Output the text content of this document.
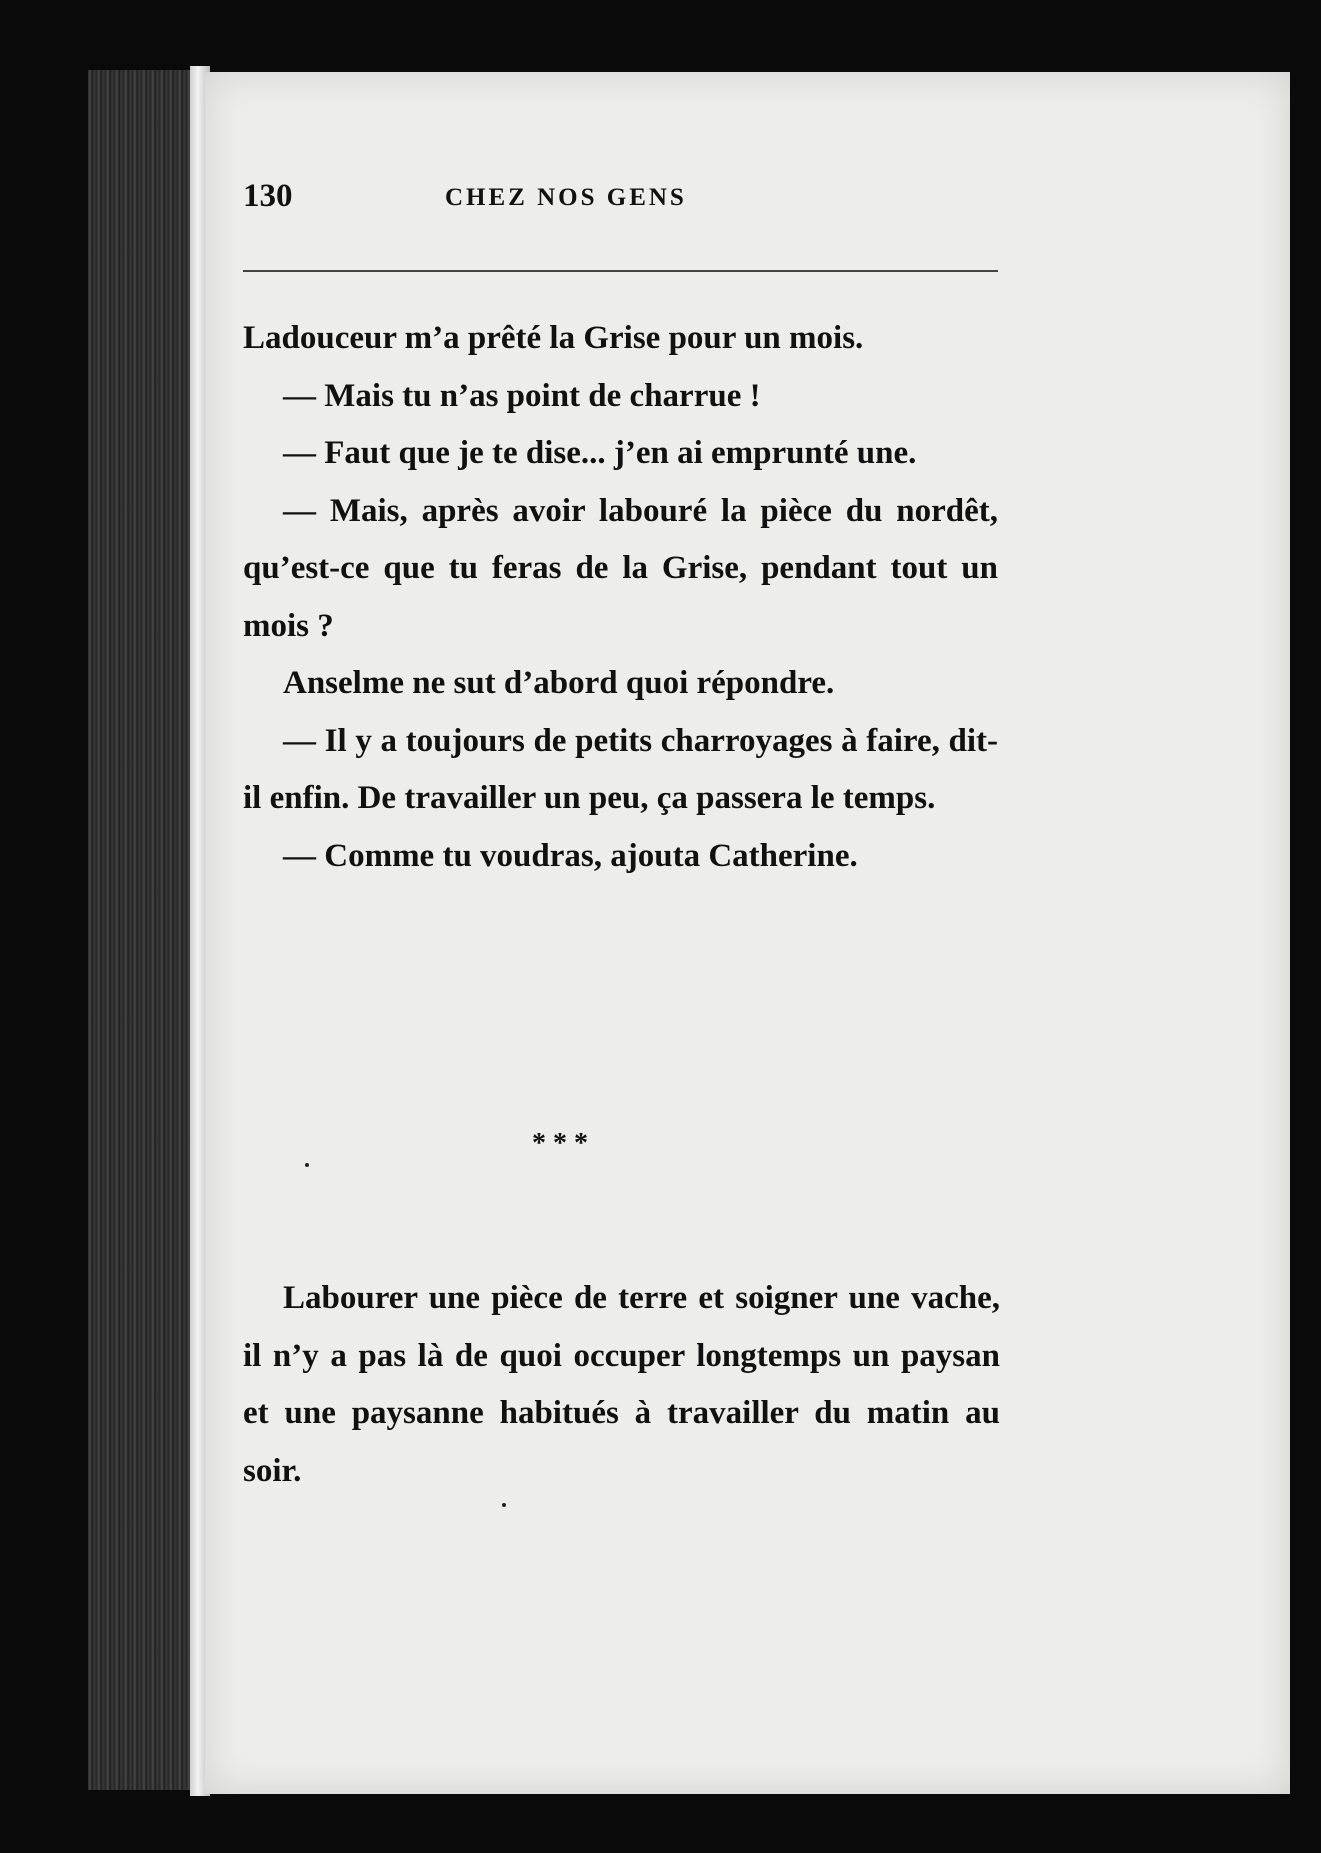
130	CHEZ NOS GENS

Ladouceur m’a prêté la Grise pour un mois.

— Mais tu n’as point de charrue !

— Faut que je te dise... j’en ai emprunté une.

— Mais, après avoir labouré la pièce du nordêt, qu’est-ce que tu feras de la Grise, pendant tout un mois ?

Anselme ne sut d’abord quoi répondre.

— Il y a toujours de petits charroyages à faire, dit-il enfin. De travailler un peu, ça passera le temps.

— Comme tu voudras, ajouta Catherine.

* * *

Labourer une pièce de terre et soigner une vache, il n’y a pas là de quoi occuper longtemps un paysan et une paysanne habitués à travailler du matin au soir.
